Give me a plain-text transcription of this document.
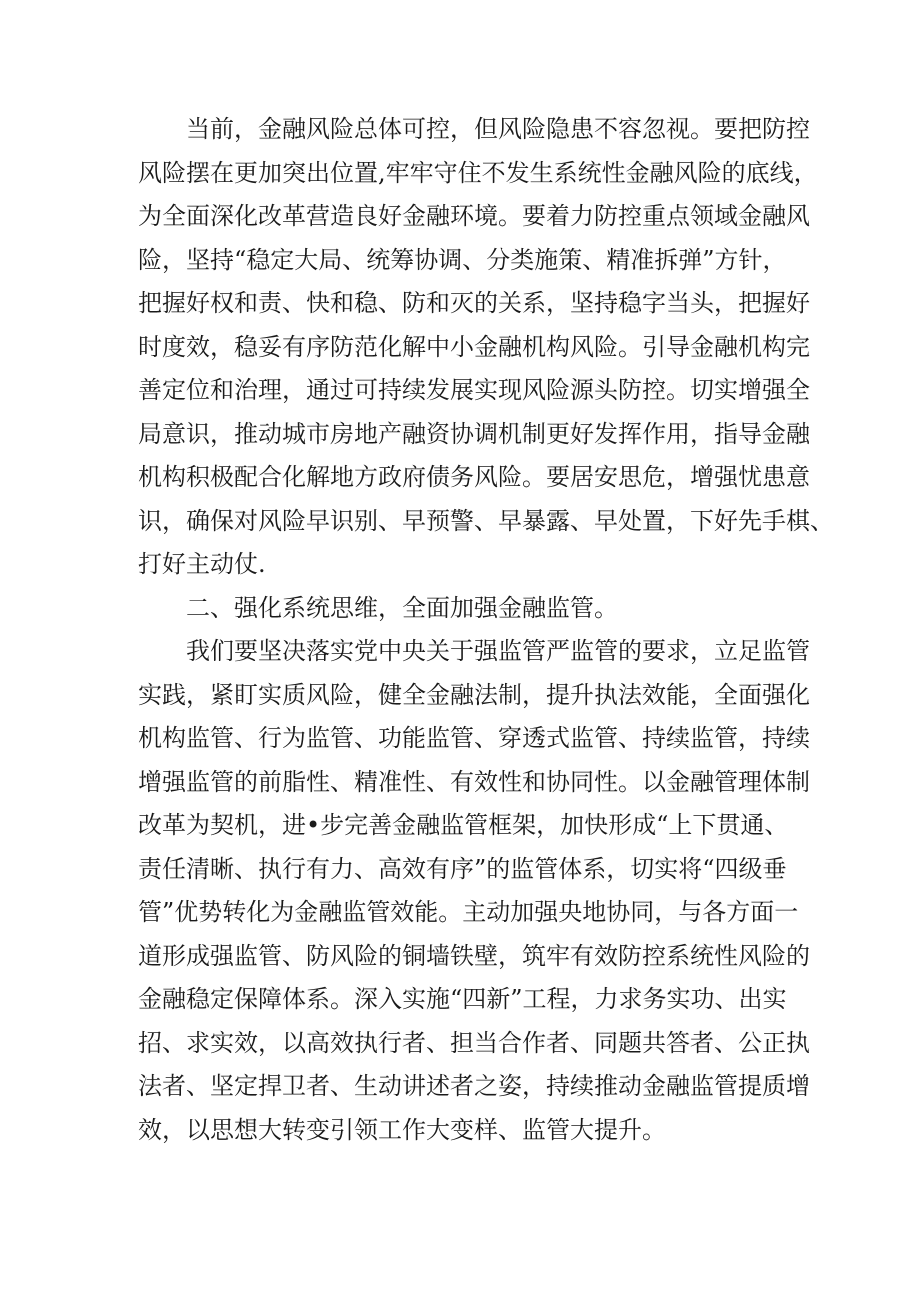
当前，金融风险总体可控，但风险隐患不容忽视。要把防控
风险摆在更加突出位置,牢牢守住不发生系统性金融风险的底线，
为全面深化改革营造良好金融环境。要着力防控重点领域金融风
险，坚持“稳定大局、统筹协调、分类施策、精准拆弹”方针，
把握好权和责、快和稳、防和灭的关系，坚持稳字当头，把握好
时度效，稳妥有序防范化解中小金融机构风险。引导金融机构完
善定位和治理，通过可持续发展实现风险源头防控。切实增强全
局意识，推动城市房地产融资协调机制更好发挥作用，指导金融
机构积极配合化解地方政府债务风险。要居安思危，增强忧患意
识，确保对风险早识别、早预警、早暴露、早处置，下好先手棋、
打好主动仗.
二、强化系统思维，全面加强金融监管。
我们要坚决落实党中央关于强监管严监管的要求，立足监管
实践，紧盯实质风险，健全金融法制，提升执法效能，全面强化
机构监管、行为监管、功能监管、穿透式监管、持续监管，持续
增强监管的前脂性、精准性、有效性和协同性。以金融管理体制
改革为契机，进•步完善金融监管框架，加快形成“上下贯通、
责任清晰、执行有力、高效有序”的监管体系，切实将“四级垂
管”优势转化为金融监管效能。主动加强央地协同，与各方面一
道形成强监管、防风险的铜墙铁壁，筑牢有效防控系统性风险的
金融稳定保障体系。深入实施“四新”工程，力求务实功、出实
招、求实效，以高效执行者、担当合作者、同题共答者、公正执
法者、坚定捍卫者、生动讲述者之姿，持续推动金融监管提质增
效，以思想大转变引领工作大变样、监管大提升。
